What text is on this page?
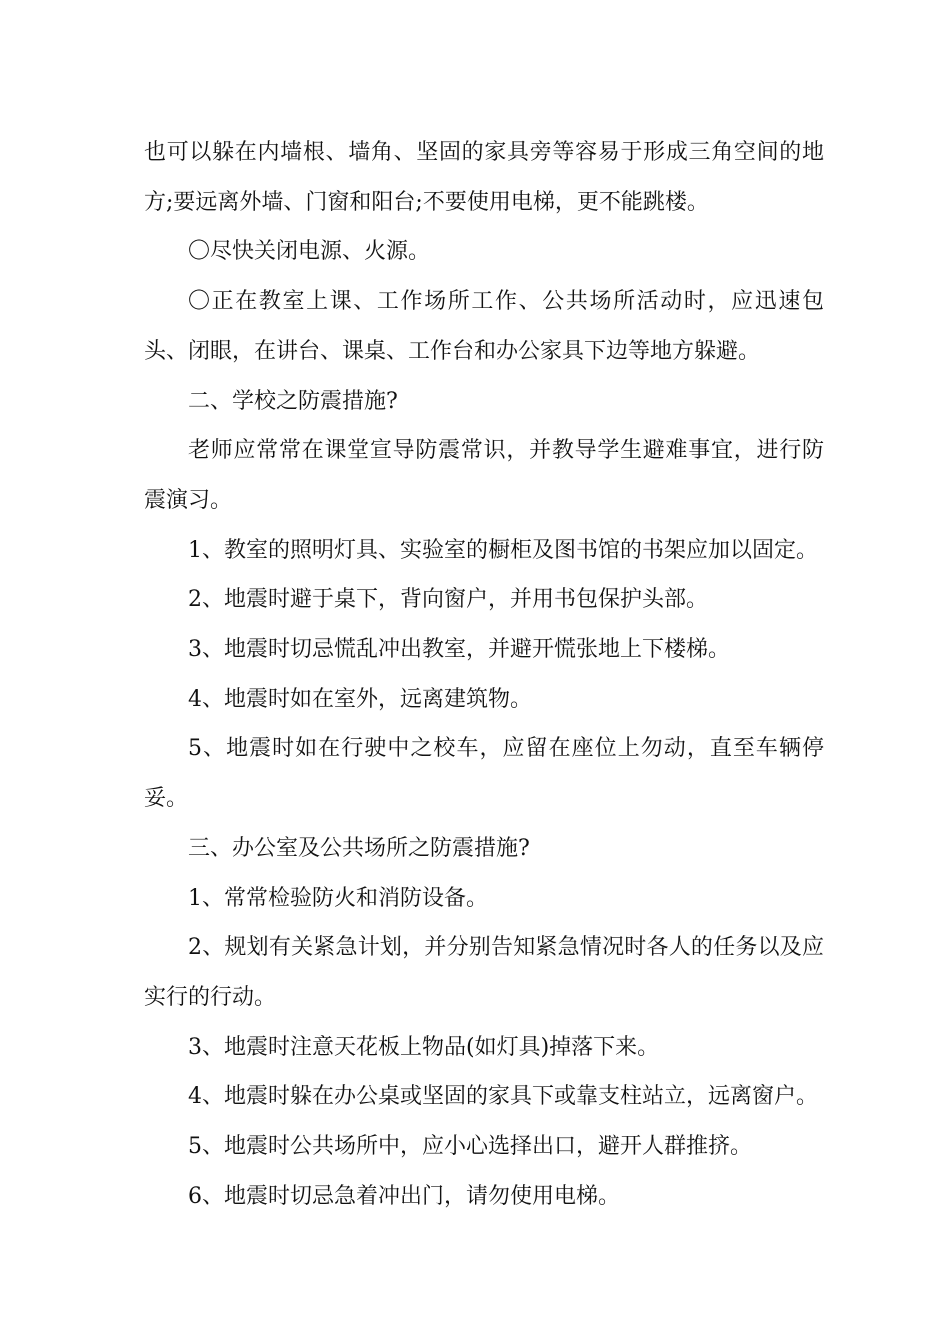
也可以躲在内墙根、墙角、坚固的家具旁等容易于形成三角空间的地方;要远离外墙、门窗和阳台;不要使用电梯，更不能跳楼。

〇尽快关闭电源、火源。

〇正在教室上课、工作场所工作、公共场所活动时，应迅速包头、闭眼，在讲台、课桌、工作台和办公家具下边等地方躲避。

二、学校之防震措施?

老师应常常在课堂宣导防震常识，并教导学生避难事宜，进行防震演习。

1、教室的照明灯具、实验室的橱柜及图书馆的书架应加以固定。

2、地震时避于桌下，背向窗户，并用书包保护头部。

3、地震时切忌慌乱冲出教室，并避开慌张地上下楼梯。

4、地震时如在室外，远离建筑物。

5、地震时如在行驶中之校车，应留在座位上勿动，直至车辆停妥。

三、办公室及公共场所之防震措施?

1、常常检验防火和消防设备。

2、规划有关紧急计划，并分别告知紧急情况时各人的任务以及应实行的行动。

3、地震时注意天花板上物品(如灯具)掉落下来。

4、地震时躲在办公桌或坚固的家具下或靠支柱站立，远离窗户。

5、地震时公共场所中，应小心选择出口，避开人群推挤。

6、地震时切忌急着冲出门，请勿使用电梯。
